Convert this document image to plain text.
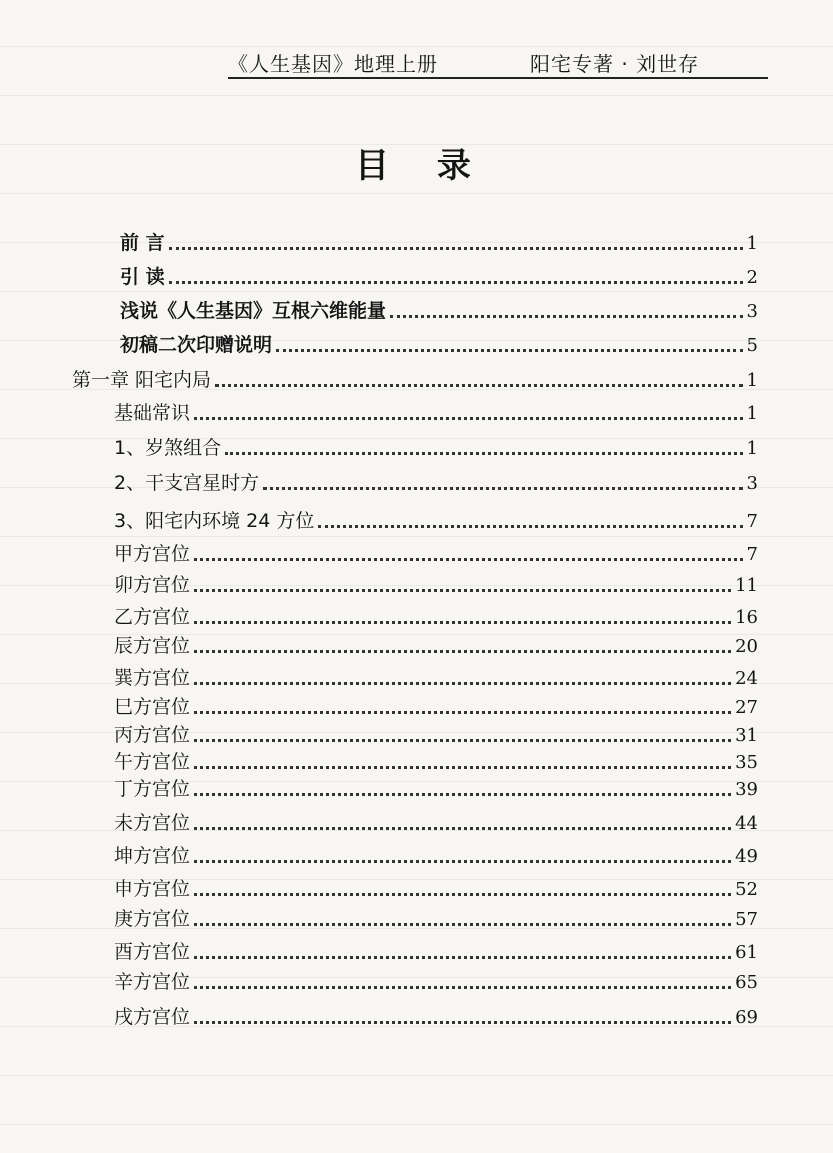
《人生基因》地理上册	阳宅专著 · 刘世存
目 录
前 言	1
引 读	2
浅说《人生基因》互根六维能量	3
初稿二次印赠说明	5
第一章 阳宅内局	1
基础常识	1
1、岁煞组合	1
2、干支宫星时方	3
3、阳宅内环境 24 方位	7
甲方宫位	7
卯方宫位	11
乙方宫位	16
辰方宫位	20
巽方宫位	24
巳方宫位	27
丙方宫位	31
午方宫位	35
丁方宫位	39
未方宫位	44
坤方宫位	49
申方宫位	52
庚方宫位	57
酉方宫位	61
辛方宫位	65
戌方宫位	69
